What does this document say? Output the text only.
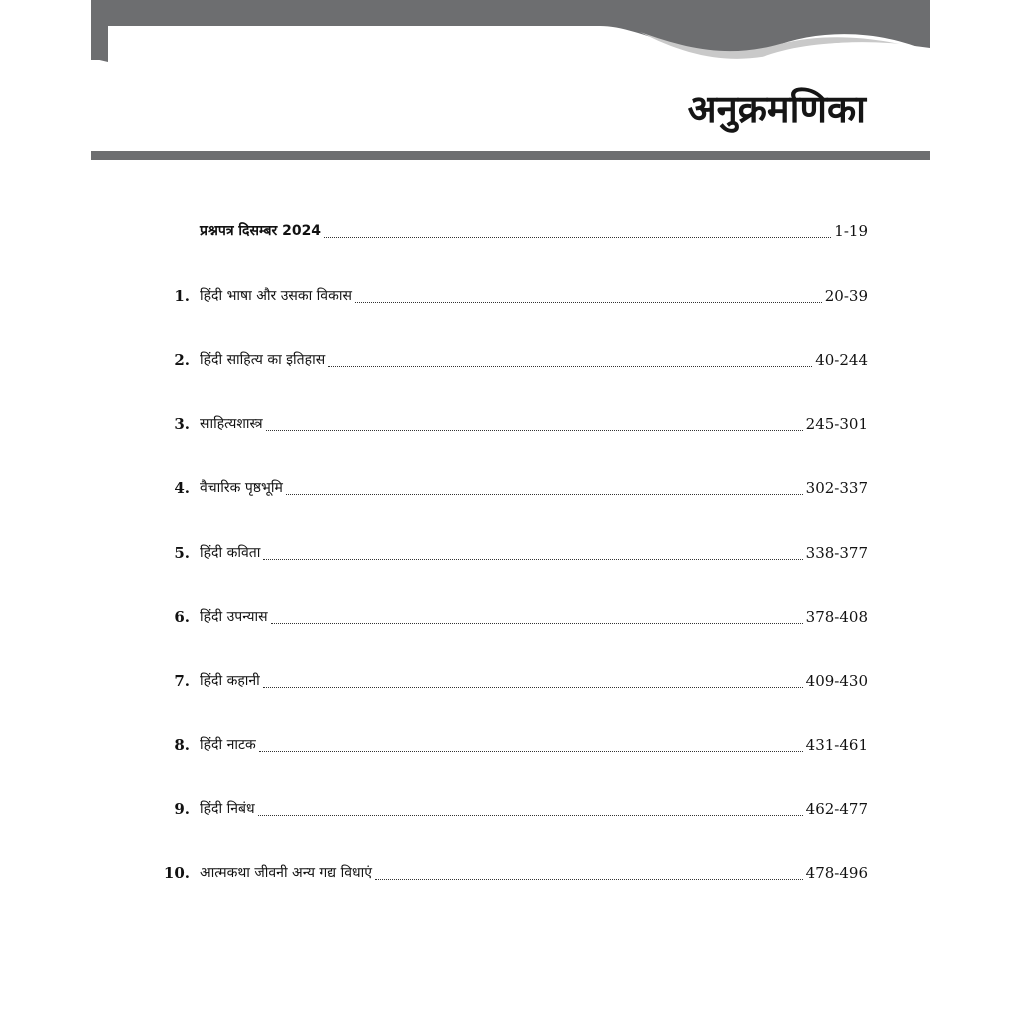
अनुक्रमणिका
प्रश्नपत्र दिसम्बर 2024	1-19
1. हिंदी भाषा और उसका विकास	20-39
2. हिंदी साहित्य का इतिहास	40-244
3. साहित्यशास्त्र	245-301
4. वैचारिक पृष्ठभूमि	302-337
5. हिंदी कविता	338-377
6. हिंदी उपन्यास	378-408
7. हिंदी कहानी	409-430
8. हिंदी नाटक	431-461
9. हिंदी निबंध	462-477
10. आत्मकथा जीवनी अन्य गद्य विधाएं	478-496
